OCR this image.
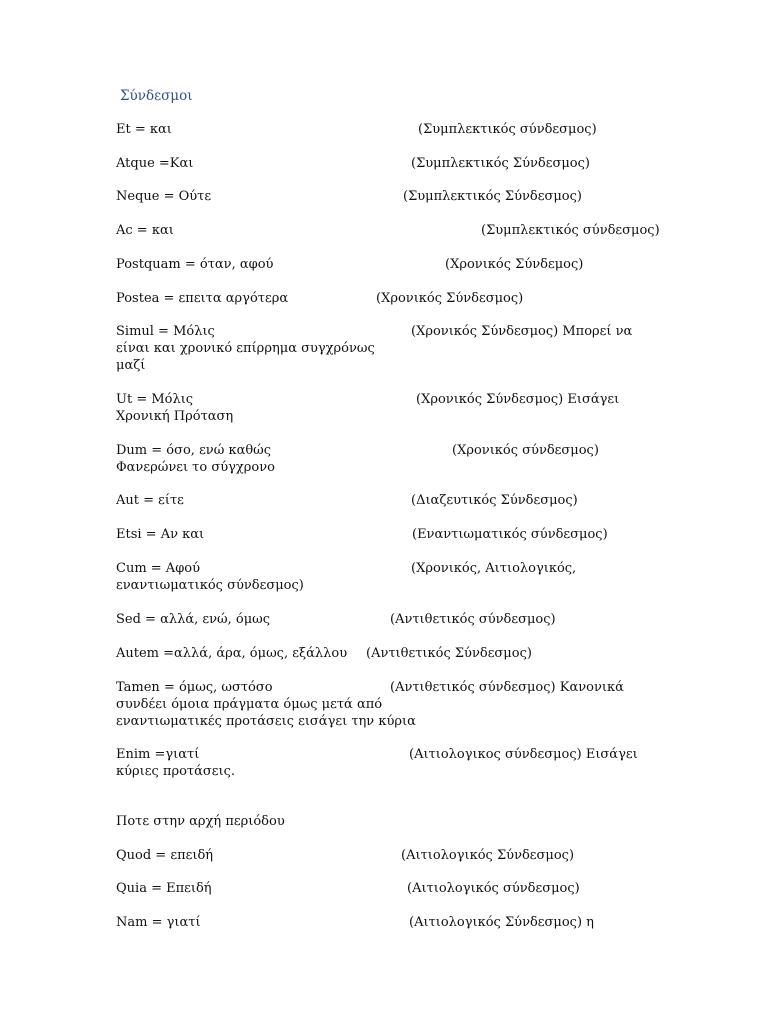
Σύνδεσμοι
Et = και	(Συμπλεκτικός σύνδεσμος)
Atque =Και	(Συμπλεκτικός Σύνδεσμος)
Neque = Ούτε	(Συμπλεκτικός Σύνδεσμος)
Ac = και	(Συμπλεκτικός σύνδεσμος)
Postquam = όταν, αφού	(Χρονικός Σύνδεμος)
Postea = επειτα αργότερα	(Χρονικός Σύνδεσμος)
Simul = Μόλις	(Χρονικός Σύνδεσμος) Μπορεί να
είναι και χρονικό επίρρημα συγχρόνως
μαζί
Ut = Μόλις	(Χρονικός Σύνδεσμος) Εισάγει
Χρονική Πρόταση
Dum = όσο, ενώ καθώς	(Χρονικός σύνδεσμος)
Φανερώνει το σύγχρονο
Aut = είτε	(Διαζευτικός Σύνδεσμος)
Etsi = Αν και	(Εναντιωματικός σύνδεσμος)
Cum = Αφού	(Χρονικός, Αιτιολογικός,
εναντιωματικός σύνδεσμος)
Sed = αλλά, ενώ, όμως	(Αντιθετικός σύνδεσμος)
Autem =αλλά, άρα, όμως, εξάλλου (Αντιθετικός Σύνδεσμος)
Tamen = όμως, ωστόσο	(Αντιθετικός σύνδεσμος) Κανονικά
συνδέει όμοια πράγματα όμως μετά από
εναντιωματικές προτάσεις εισάγει την κύρια
Enim =γιατί	(Αιτιολογικος σύνδεσμος) Εισάγει
κύριες προτάσεις.
Ποτε στην αρχή περιόδου
Quod = επειδή	(Αιτιολογικός Σύνδεσμος)
Quia = Επειδή	(Αιτιολογικός σύνδεσμος)
Nam = γιατί	(Αιτιολογικός Σύνδεσμος) η
